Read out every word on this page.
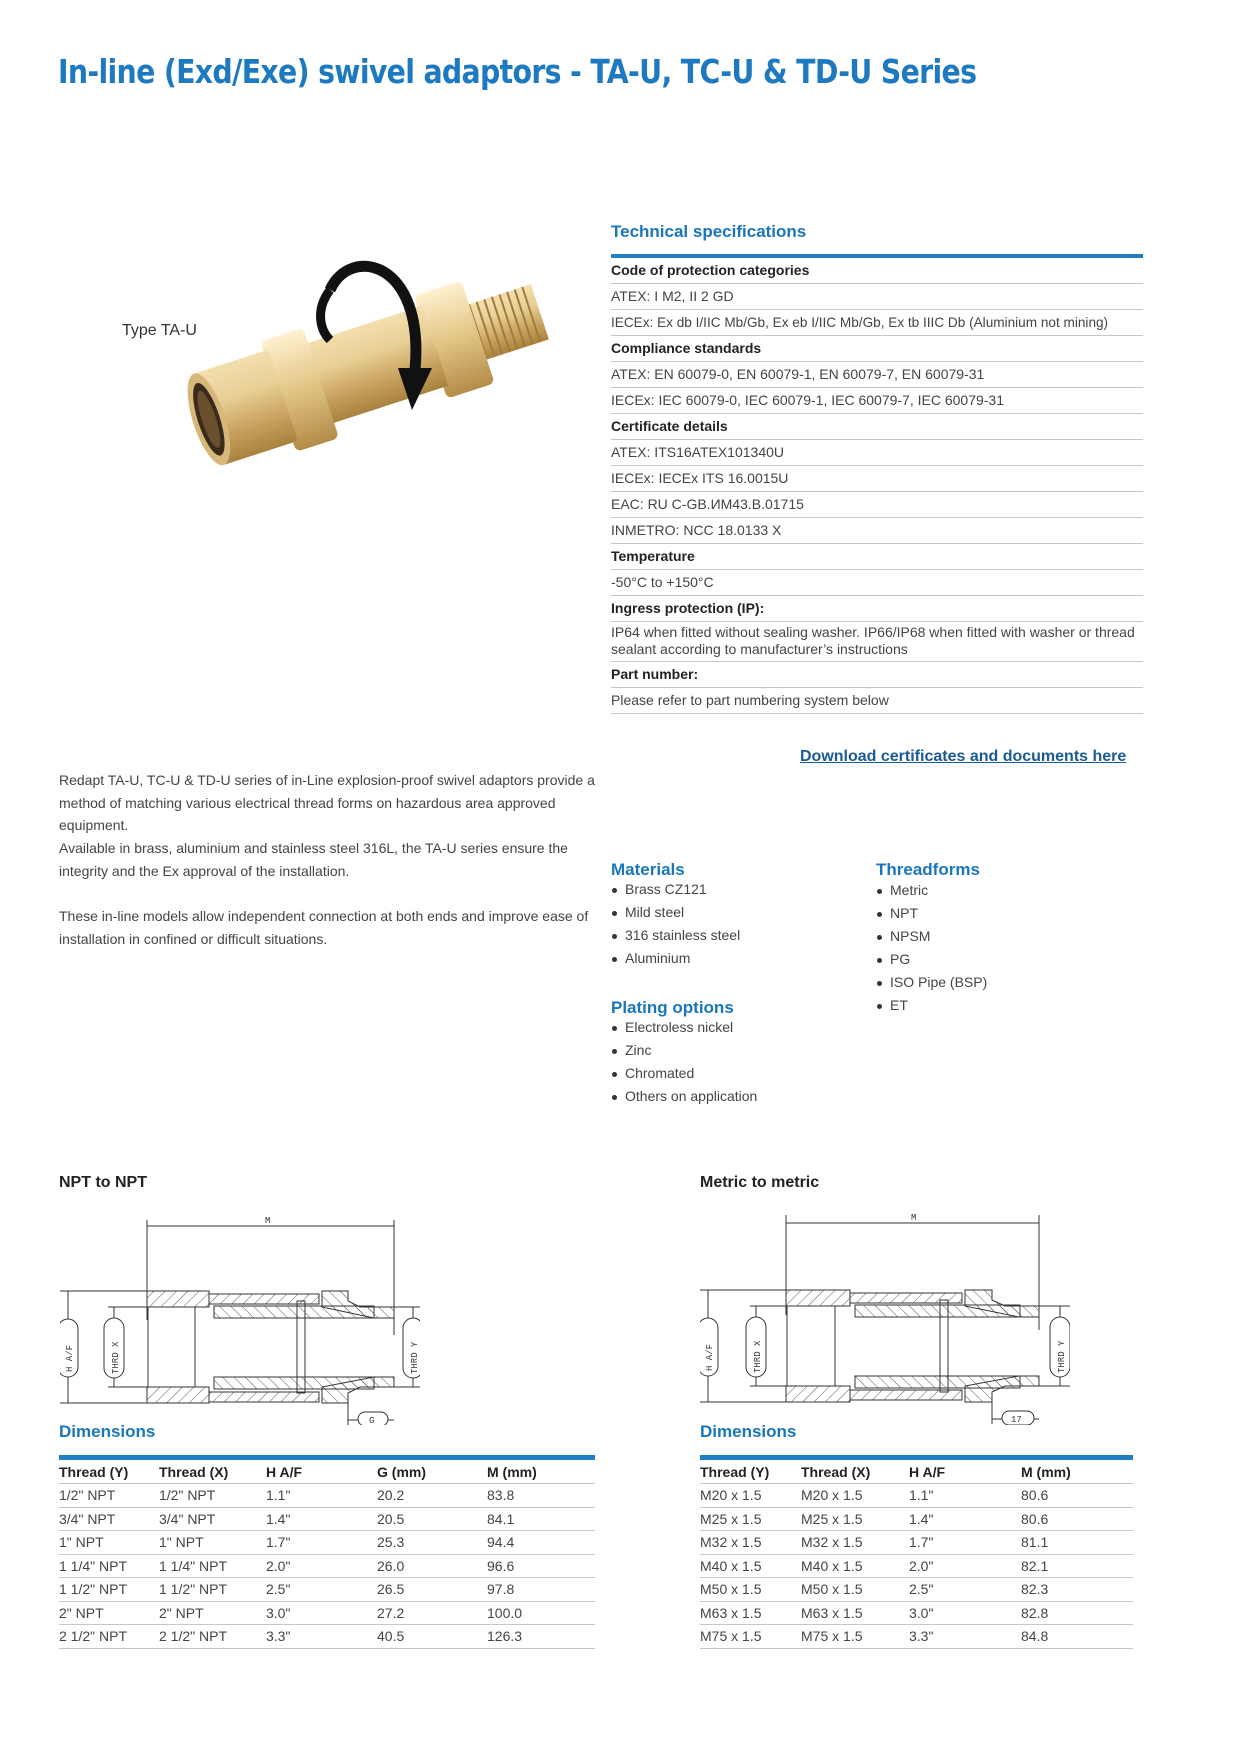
In-line (Exd/Exe) swivel adaptors - TA-U, TC-U & TD-U Series
Type TA-U
Technical specifications
Code of protection categories
ATEX: I M2, II 2 GD
IECEx: Ex db I/IIC Mb/Gb, Ex eb I/IIC Mb/Gb, Ex tb IIIC Db (Aluminium not mining)
Compliance standards
ATEX: EN 60079-0, EN 60079-1, EN 60079-7, EN 60079-31
IECEx: IEC 60079-0, IEC 60079-1, IEC 60079-7, IEC 60079-31
Certificate details
ATEX: ITS16ATEX101340U
IECEx: IECEx ITS 16.0015U
EAC: RU C-GB.ИМ43.B.01715
INMETRO: NCC 18.0133 X
Temperature
-50°C to +150°C
Ingress protection (IP):
IP64 when fitted without sealing washer. IP66/IP68 when fitted with washer or thread sealant according to manufacturer’s instructions
Part number:
Please refer to part numbering system below
Download certificates and documents here

Redapt TA-U, TC-U & TD-U series of in-Line explosion-proof swivel adaptors provide a method of matching various electrical thread forms on hazardous area approved equipment.

Available in brass, aluminium and stainless steel 316L, the TA-U series ensure the integrity and the Ex approval of the installation.

These in-line models allow independent connection at both ends and improve ease of installation in confined or difficult situations.

Materials
Brass CZ121
Mild steel
316 stainless steel
Aluminium
Plating options
Electroless nickel
Zinc
Chromated
Others on application
Threadforms
Metric
NPT
NPSM
PG
ISO Pipe (BSP)
ET
NPT to NPT
M
H A/F	THRD X	THRD Y
G
Dimensions
Thread (Y)	Thread (X)	H A/F	G (mm)	M (mm)
1/2" NPT	1/2" NPT	1.1"	20.2	83.8
3/4" NPT	3/4" NPT	1.4"	20.5	84.1
1" NPT	1" NPT	1.7"	25.3	94.4
1 1/4" NPT	1 1/4" NPT	2.0"	26.0	96.6
1 1/2" NPT	1 1/2" NPT	2.5"	26.5	97.8
2" NPT	2" NPT	3.0"	27.2	100.0
2 1/2" NPT	2 1/2" NPT	3.3"	40.5	126.3
Metric to metric
M
H A/F	THRD X	THRD Y
17
Dimensions
Thread (Y)	Thread (X)	H A/F	M (mm)
M20 x 1.5	M20 x 1.5	1.1"	80.6
M25 x 1.5	M25 x 1.5	1.4"	80.6
M32 x 1.5	M32 x 1.5	1.7"	81.1
M40 x 1.5	M40 x 1.5	2.0"	82.1
M50 x 1.5	M50 x 1.5	2.5"	82.3
M63 x 1.5	M63 x 1.5	3.0"	82.8
M75 x 1.5	M75 x 1.5	3.3"	84.8
